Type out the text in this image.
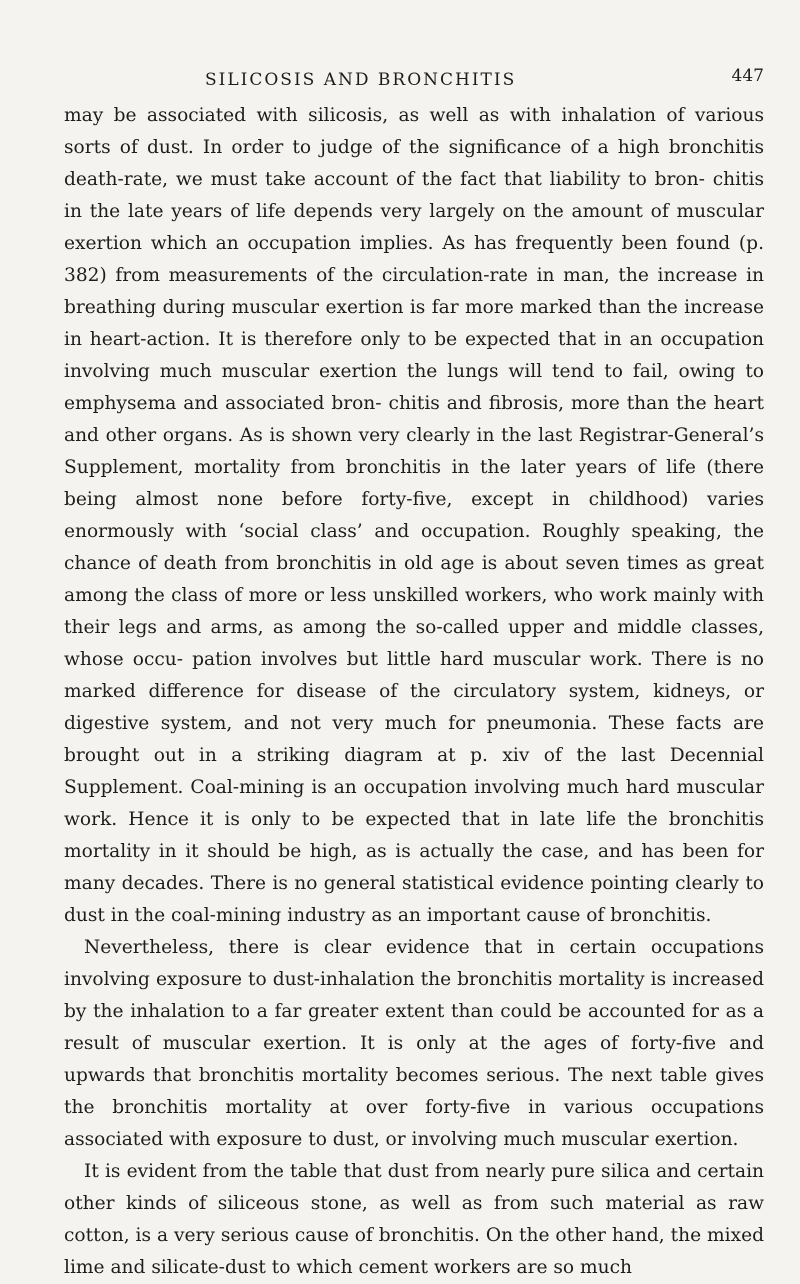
SILICOSIS AND BRONCHITIS	447

may be associated with silicosis, as well as with inhalation of various sorts of dust. In order to judge of the significance of a high bronchitis death-rate, we must take account of the fact that liability to bron- chitis in the late years of life depends very largely on the amount of muscular exertion which an occupation implies. As has frequently been found (p. 382) from measurements of the circulation-rate in man, the increase in breathing during muscular exertion is far more marked than the increase in heart-action. It is therefore only to be expected that in an occupation involving much muscular exertion the lungs will tend to fail, owing to emphysema and associated bron- chitis and fibrosis, more than the heart and other organs. As is shown very clearly in the last Registrar-General’s Supplement, mortality from bronchitis in the later years of life (there being almost none before forty-five, except in childhood) varies enormously with ‘social class’ and occupation. Roughly speaking, the chance of death from bronchitis in old age is about seven times as great among the class of more or less unskilled workers, who work mainly with their legs and arms, as among the so-called upper and middle classes, whose occu- pation involves but little hard muscular work. There is no marked difference for disease of the circulatory system, kidneys, or digestive system, and not very much for pneumonia. These facts are brought out in a striking diagram at p. xiv of the last Decennial Supplement. Coal-mining is an occupation involving much hard muscular work. Hence it is only to be expected that in late life the bronchitis mortality in it should be high, as is actually the case, and has been for many decades. There is no general statistical evidence pointing clearly to dust in the coal-mining industry as an important cause of bronchitis.

Nevertheless, there is clear evidence that in certain occupations involving exposure to dust-inhalation the bronchitis mortality is increased by the inhalation to a far greater extent than could be accounted for as a result of muscular exertion. It is only at the ages of forty-five and upwards that bronchitis mortality becomes serious. The next table gives the bronchitis mortality at over forty-five in various occupations associated with exposure to dust, or involving much muscular exertion.

It is evident from the table that dust from nearly pure silica and certain other kinds of siliceous stone, as well as from such material as raw cotton, is a very serious cause of bronchitis. On the other hand, the mixed lime and silicate-dust to which cement workers are so much
